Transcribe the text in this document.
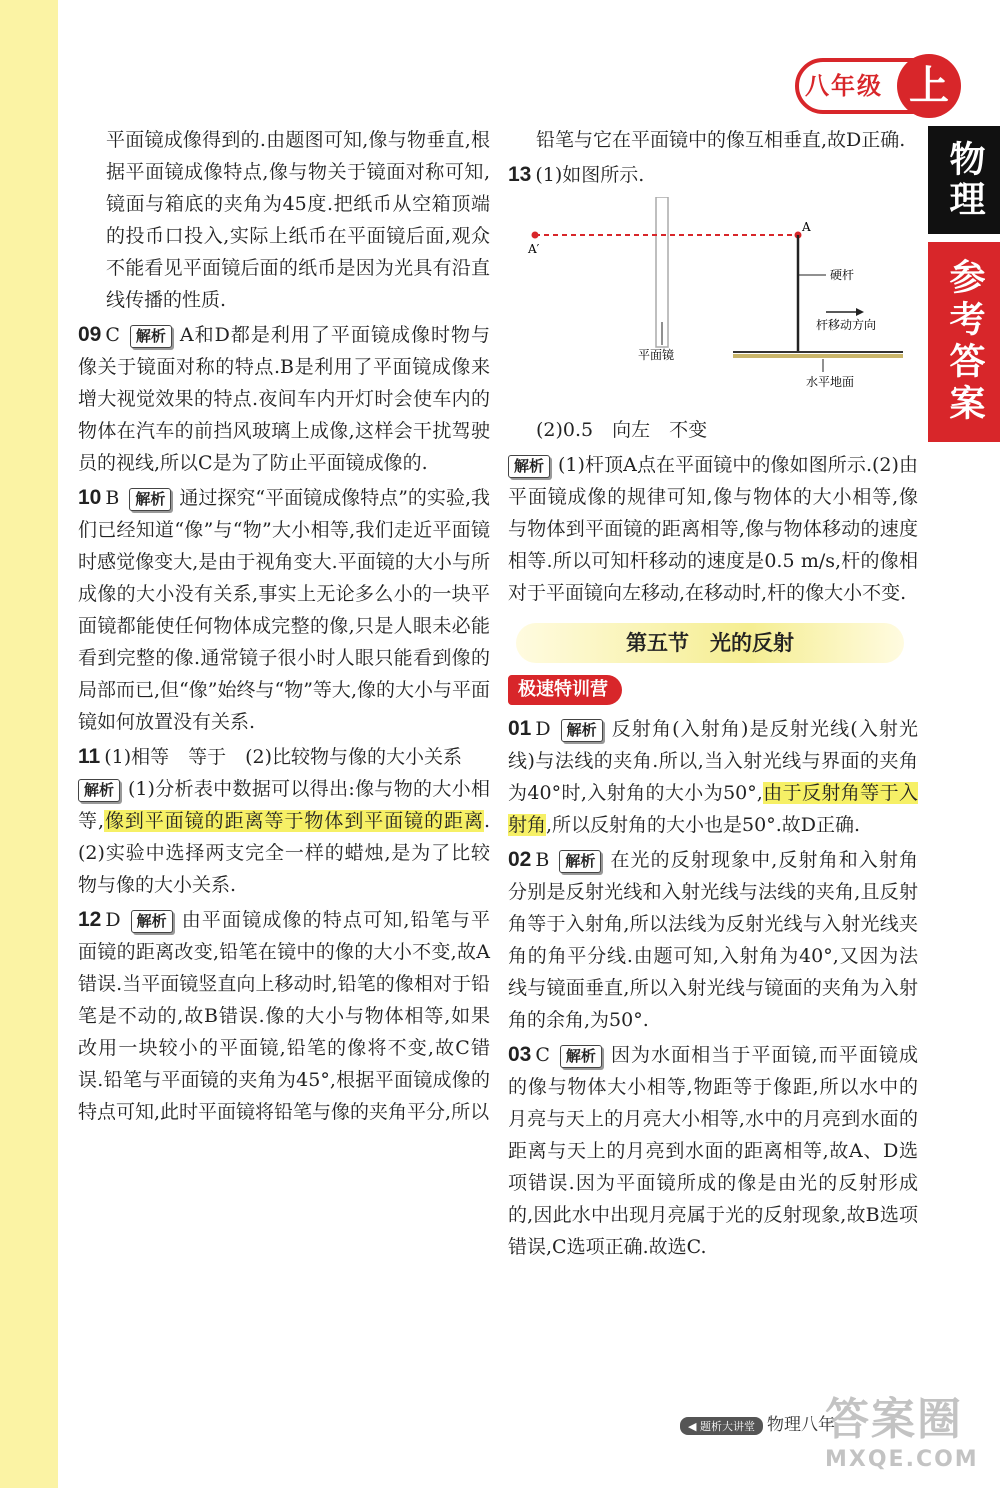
八年级 上
物理
参考答案

平面镜成像得到的.由题图可知,像与物垂直,根据平面镜成像特点,像与物关于镜面对称可知,镜面与箱底的夹角为45度.把纸币从空箱顶端的投币口投入,实际上纸币在平面镜后面,观众不能看见平面镜后面的纸币是因为光具有沿直线传播的性质.

09 C 解析 A和D都是利用了平面镜成像时物与像关于镜面对称的特点.B是利用了平面镜成像来增大视觉效果的特点.夜间车内开灯时会使车内的物体在汽车的前挡风玻璃上成像,这样会干扰驾驶员的视线,所以C是为了防止平面镜成像的.

10 B 解析 通过探究“平面镜成像特点”的实验,我们已经知道“像”与“物”大小相等,我们走近平面镜时感觉像变大,是由于视角变大.平面镜的大小与所成像的大小没有关系,事实上无论多么小的一块平面镜都能使任何物体成完整的像,只是人眼未必能看到完整的像.通常镜子很小时人眼只能看到像的局部而已,但“像”始终与“物”等大,像的大小与平面镜如何放置没有关系.

11 (1)相等　等于　(2)比较物与像的大小关系
解析 (1)分析表中数据可以得出:像与物的大小相等,像到平面镜的距离等于物体到平面镜的距离.(2)实验中选择两支完全一样的蜡烛,是为了比较物与像的大小关系.

12 D 解析 由平面镜成像的特点可知,铅笔与平面镜的距离改变,铅笔在镜中的像的大小不变,故A错误.当平面镜竖直向上移动时,铅笔的像相对于铅笔是不动的,故B错误.像的大小与物体相等,如果改用一块较小的平面镜,铅笔的像将不变,故C错误.铅笔与平面镜的夹角为45°,根据平面镜成像的特点可知,此时平面镜将铅笔与像的夹角平分,所以

铅笔与它在平面镜中的像互相垂直,故D正确.

13 (1)如图所示.

A
A′
硬杆
杆移动方向
平面镜
水平地面

(2)0.5　向左　不变

解析 (1)杆顶A点在平面镜中的像如图所示.(2)由平面镜成像的规律可知,像与物体的大小相等,像与物体到平面镜的距离相等,像与物体移动的速度相等.所以可知杆移动的速度是0.5 m/s,杆的像相对于平面镜向左移动,在移动时,杆的像大小不变.

第五节　光的反射
极速特训营

01 D 解析 反射角(入射角)是反射光线(入射光线)与法线的夹角.所以,当入射光线与界面的夹角为40°时,入射角的大小为50°,由于反射角等于入射角,所以反射角的大小也是50°.故D正确.

02 B 解析 在光的反射现象中,反射角和入射角分别是反射光线和入射光线与法线的夹角,且反射角等于入射角,所以法线为反射光线与入射光线夹角的角平分线.由题可知,入射角为40°,又因为法线与镜面垂直,所以入射光线与镜面的夹角为入射角的余角,为50°.

03 C 解析 因为水面相当于平面镜,而平面镜成的像与物体大小相等,物距等于像距,所以水中的月亮与天上的月亮大小相等,水中的月亮到水面的距离与天上的月亮到水面的距离相等,故A、D选项错误.因为平面镜所成的像是由光的反射形成的,因此水中出现月亮属于光的反射现象,故B选项错误,C选项正确.故选C.

◀ 题析大讲堂 物理八年
答案圈
MXQE.COM
